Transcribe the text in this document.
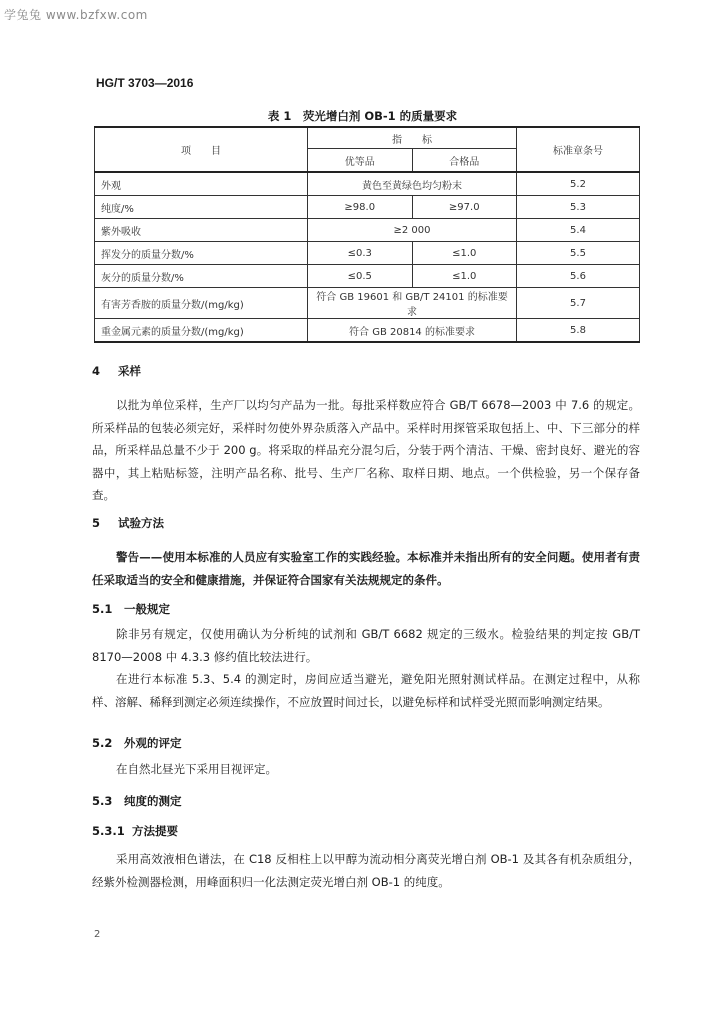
学兔兔 www.bzfxw.com
HG/T 3703—2016
表 1　荧光增白剂 OB-1 的质量要求
项　　目	指　　标		标准章条号
	优等品	合格品	
外观	黄色至黄绿色均匀粉末		5.2
纯度/%	≥98.0	≥97.0	5.3
紫外吸收	≥2 000		5.4
挥发分的质量分数/%	≤0.3	≤1.0	5.5
灰分的质量分数/%	≤0.5	≤1.0	5.6
有害芳香胺的质量分数/(mg/kg)	符合 GB 19601 和 GB/T 24101 的标准要求		5.7
重金属元素的质量分数/(mg/kg)	符合 GB 20814 的标准要求		5.8
4 采样
以批为单位采样，生产厂以均匀产品为一批。每批采样数应符合 GB/T 6678—2003 中 7.6 的规定。所采样品的包装必须完好，采样时勿使外界杂质落入产品中。采样时用探管采取包括上、中、下三部分的样品，所采样品总量不少于 200 g。将采取的样品充分混匀后，分装于两个清洁、干燥、密封良好、避光的容器中，其上粘贴标签，注明产品名称、批号、生产厂名称、取样日期、地点。一个供检验，另一个保存备查。
5 试验方法
警告——使用本标准的人员应有实验室工作的实践经验。本标准并未指出所有的安全问题。使用者有责任采取适当的安全和健康措施，并保证符合国家有关法规规定的条件。
5.1 一般规定
除非另有规定，仅使用确认为分析纯的试剂和 GB/T 6682 规定的三级水。检验结果的判定按 GB/T 8170—2008 中 4.3.3 修约值比较法进行。
在进行本标准 5.3、5.4 的测定时，房间应适当避光，避免阳光照射测试样品。在测定过程中，从称样、溶解、稀释到测定必须连续操作，不应放置时间过长，以避免标样和试样受光照而影响测定结果。
5.2 外观的评定
在自然北昼光下采用目视评定。
5.3 纯度的测定
5.3.1 方法提要
采用高效液相色谱法，在 C18 反相柱上以甲醇为流动相分离荧光增白剂 OB-1 及其各有机杂质组分，经紫外检测器检测，用峰面积归一化法测定荧光增白剂 OB-1 的纯度。
2
